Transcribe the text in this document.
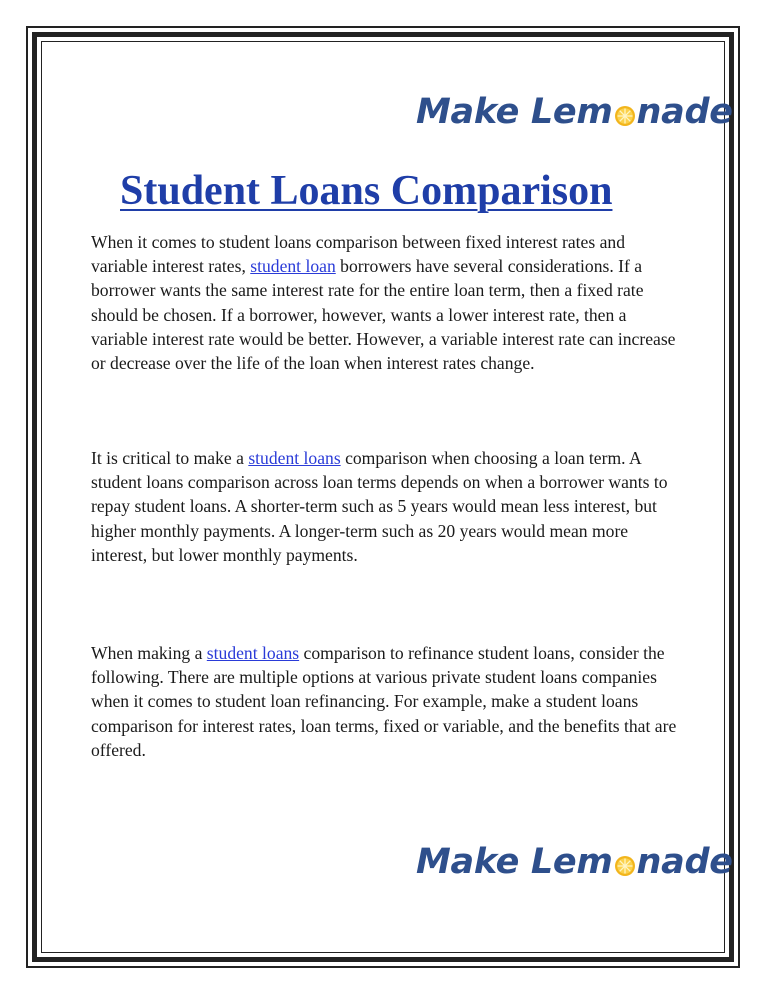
Make Lem nade
Student Loans Comparison

When it comes to student loans comparison between fixed interest rates and variable interest rates, student loan borrowers have several considerations. If a borrower wants the same interest rate for the entire loan term, then a fixed rate should be chosen. If a borrower, however, wants a lower interest rate, then a variable interest rate would be better. However, a variable interest rate can increase or decrease over the life of the loan when interest rates change.

It is critical to make a student loans comparison when choosing a loan term. A student loans comparison across loan terms depends on when a borrower wants to repay student loans. A shorter-term such as 5 years would mean less interest, but higher monthly payments. A longer-term such as 20 years would mean more interest, but lower monthly payments.

When making a student loans comparison to refinance student loans, consider the following. There are multiple options at various private student loans companies when it comes to student loan refinancing. For example, make a student loans comparison for interest rates, loan terms, fixed or variable, and the benefits that are offered.

Make Lem nade
